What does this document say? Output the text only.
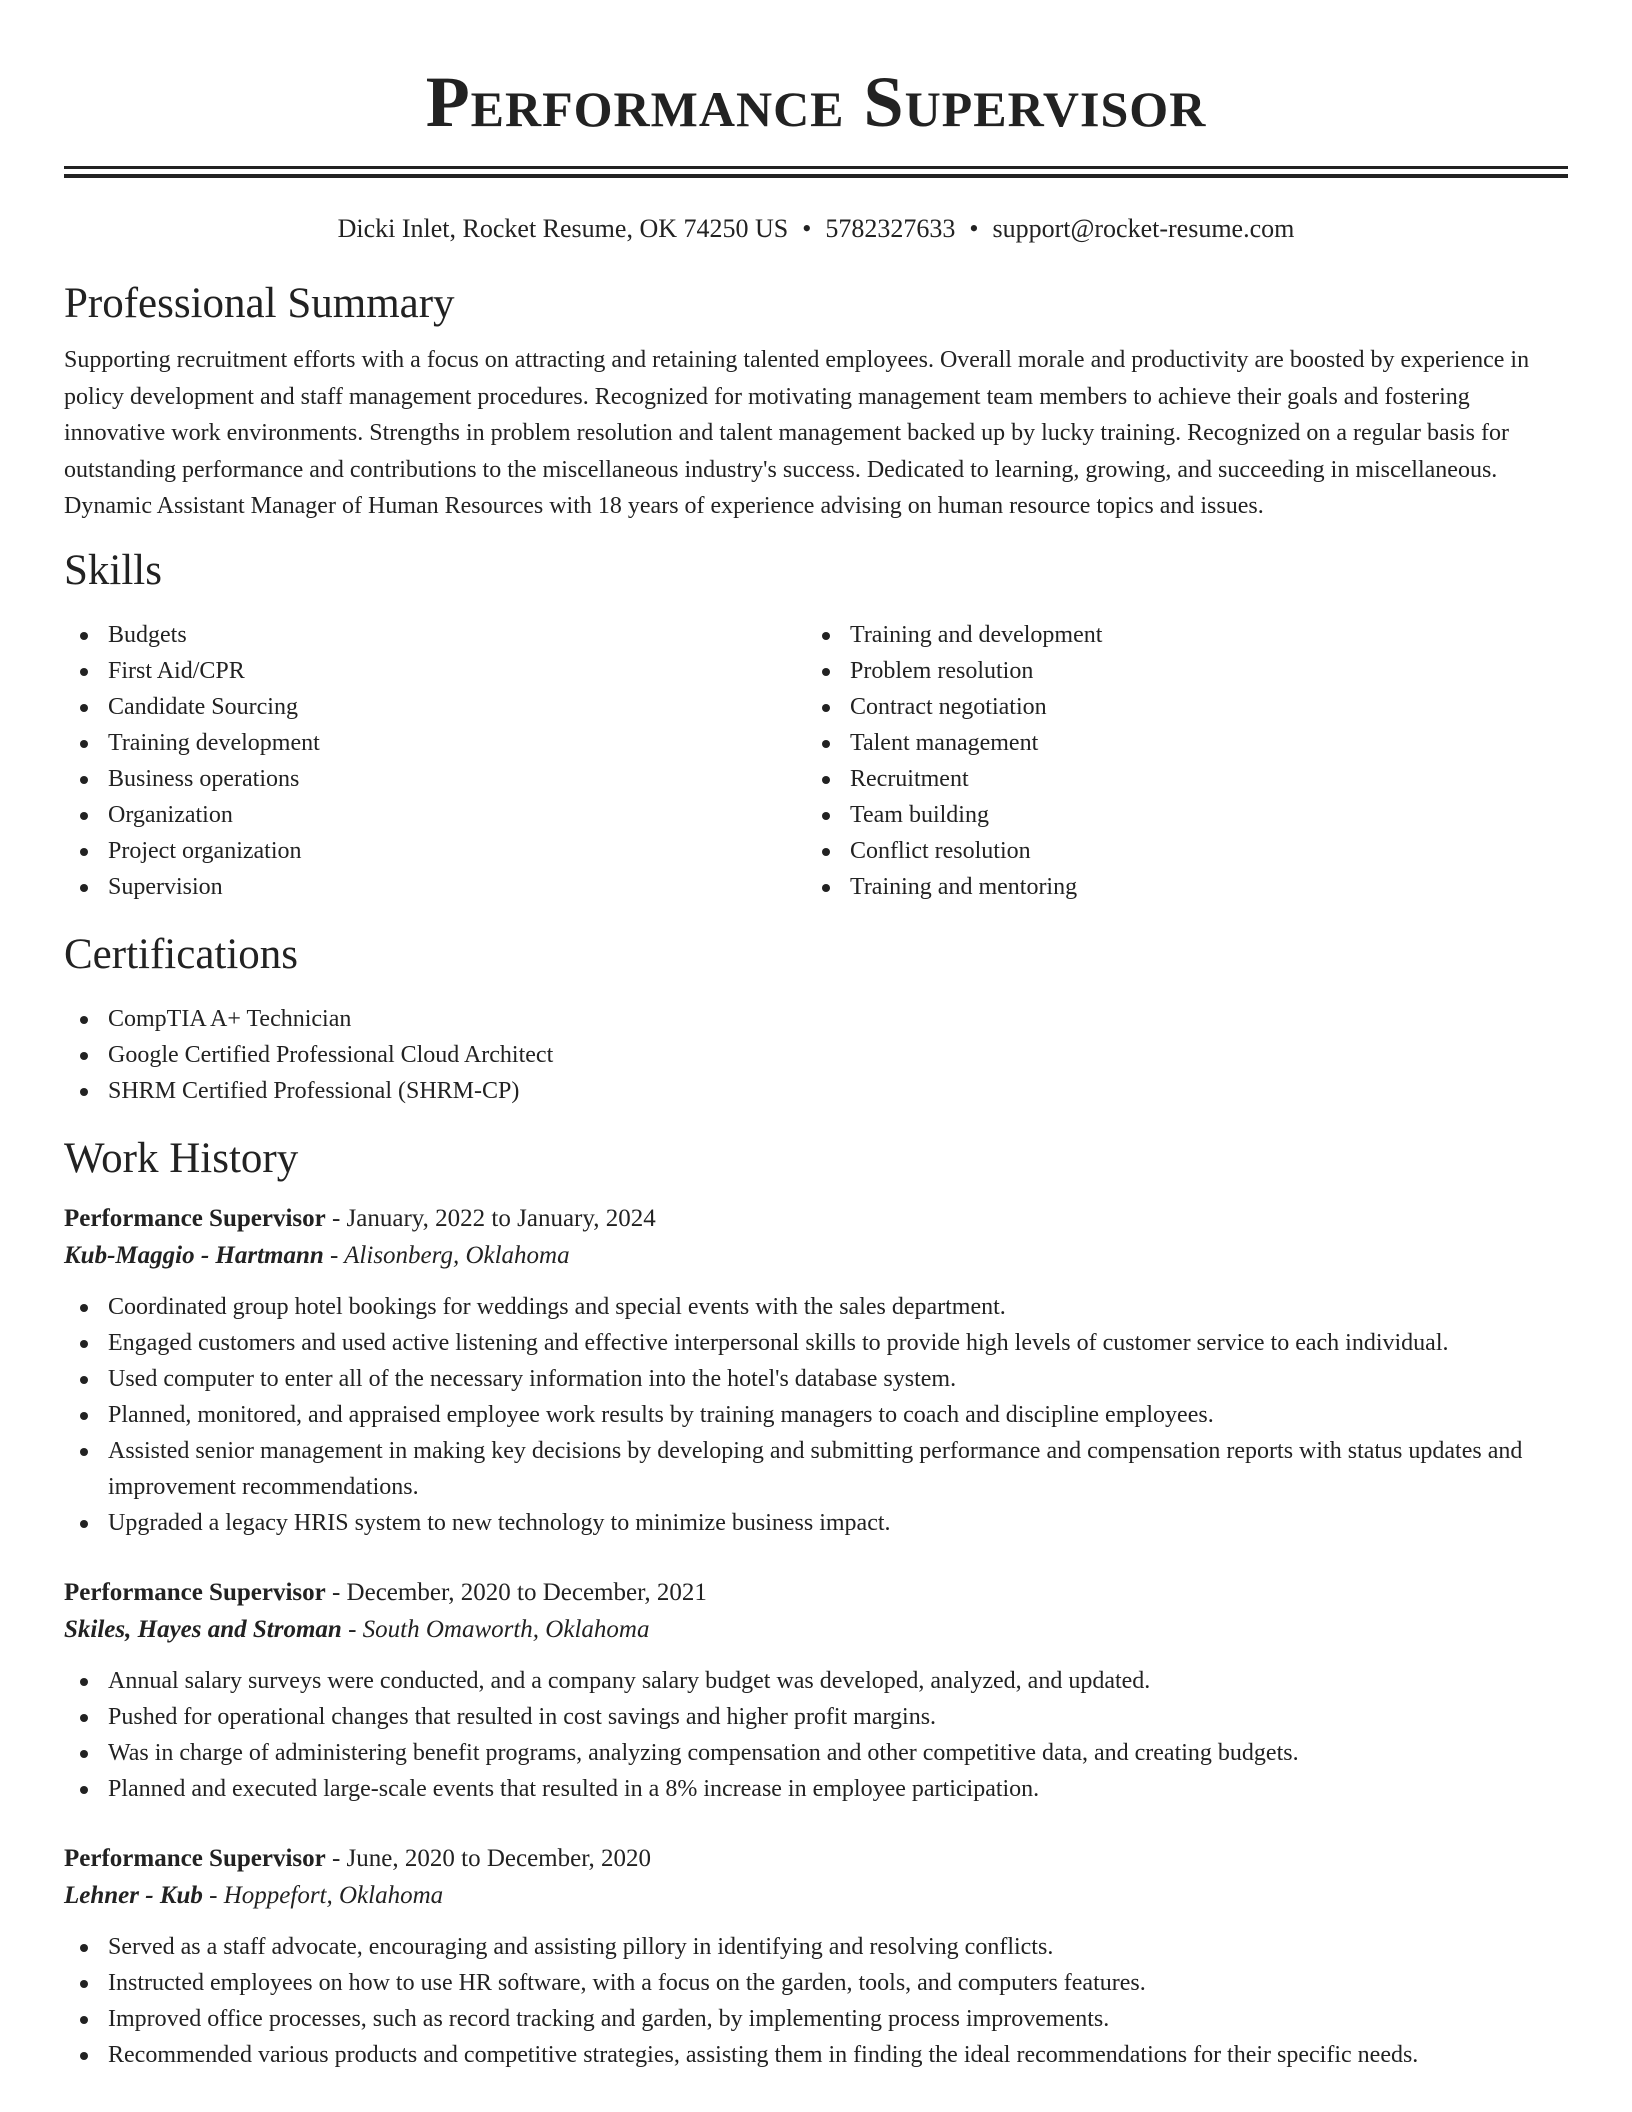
Performance Supervisor
Dicki Inlet, Rocket Resume, OK 74250 US • 5782327633 • support@rocket-resume.com
Professional Summary

Supporting recruitment efforts with a focus on attracting and retaining talented employees. Overall morale and productivity are boosted by experience in policy development and staff management procedures. Recognized for motivating management team members to achieve their goals and fostering innovative work environments. Strengths in problem resolution and talent management backed up by lucky training. Recognized on a regular basis for outstanding performance and contributions to the miscellaneous industry's success. Dedicated to learning, growing, and succeeding in miscellaneous. Dynamic Assistant Manager of Human Resources with 18 years of experience advising on human resource topics and issues.

Skills
Budgets
First Aid/CPR
Candidate Sourcing
Training development
Business operations
Organization
Project organization
Supervision
Training and development
Problem resolution
Contract negotiation
Talent management
Recruitment
Team building
Conflict resolution
Training and mentoring
Certifications
CompTIA A+ Technician
Google Certified Professional Cloud Architect
SHRM Certified Professional (SHRM-CP)
Work History
Performance Supervisor - January, 2022 to January, 2024
Kub-Maggio - Hartmann - Alisonberg, Oklahoma
Coordinated group hotel bookings for weddings and special events with the sales department.
Engaged customers and used active listening and effective interpersonal skills to provide high levels of customer service to each individual.
Used computer to enter all of the necessary information into the hotel's database system.
Planned, monitored, and appraised employee work results by training managers to coach and discipline employees.
Assisted senior management in making key decisions by developing and submitting performance and compensation reports with status updates and improvement recommendations.
Upgraded a legacy HRIS system to new technology to minimize business impact.
Performance Supervisor - December, 2020 to December, 2021
Skiles, Hayes and Stroman - South Omaworth, Oklahoma
Annual salary surveys were conducted, and a company salary budget was developed, analyzed, and updated.
Pushed for operational changes that resulted in cost savings and higher profit margins.
Was in charge of administering benefit programs, analyzing compensation and other competitive data, and creating budgets.
Planned and executed large-scale events that resulted in a 8% increase in employee participation.
Performance Supervisor - June, 2020 to December, 2020
Lehner - Kub - Hoppefort, Oklahoma
Served as a staff advocate, encouraging and assisting pillory in identifying and resolving conflicts.
Instructed employees on how to use HR software, with a focus on the garden, tools, and computers features.
Improved office processes, such as record tracking and garden, by implementing process improvements.
Recommended various products and competitive strategies, assisting them in finding the ideal recommendations for their specific needs.
